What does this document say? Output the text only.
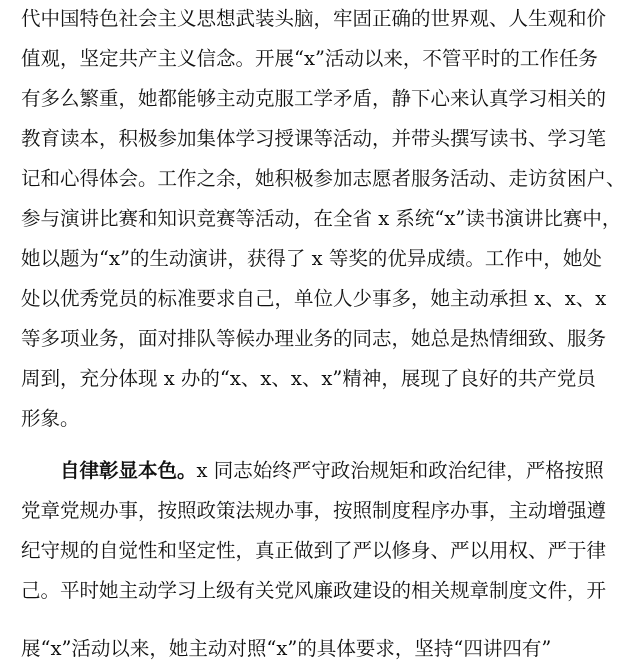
代中国特色社会主义思想武装头脑，牢固正确的世界观、人生观和价
值观，坚定共产主义信念。开展“x”活动以来，不管平时的工作任务
有多么繁重，她都能够主动克服工学矛盾，静下心来认真学习相关的
教育读本，积极参加集体学习授课等活动，并带头撰写读书、学习笔
记和心得体会。工作之余，她积极参加志愿者服务活动、走访贫困户、
参与演讲比赛和知识竞赛等活动，在全省 x 系统“x”读书演讲比赛中，
她以题为“x”的生动演讲，获得了 x 等奖的优异成绩。工作中，她处
处以优秀党员的标准要求自己，单位人少事多，她主动承担 x、x、x
等多项业务，面对排队等候办理业务的同志，她总是热情细致、服务
周到，充分体现 x 办的“x、x、x、x”精神，展现了良好的共产党员
形象。
自律彰显本色。x 同志始终严守政治规矩和政治纪律，严格按照
党章党规办事，按照政策法规办事，按照制度程序办事，主动增强遵
纪守规的自觉性和坚定性，真正做到了严以修身、严以用权、严于律
己。平时她主动学习上级有关党风廉政建设的相关规章制度文件，开
展“x”活动以来，她主动对照“x”的具体要求，坚持“四讲四有”
